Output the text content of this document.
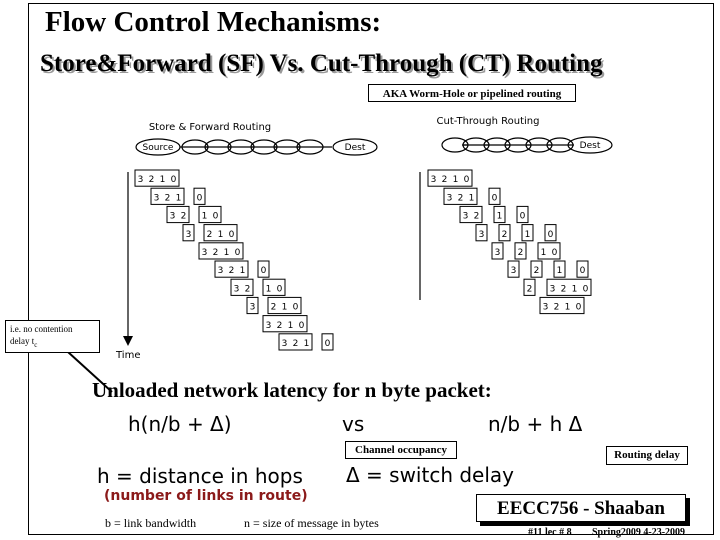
Flow Control Mechanisms:
Store&Forward (SF) Vs. Cut-Through (CT) Routing
AKA Worm-Hole or pipelined routing
Store & Forward Routing
Source	Dest
Time
3 2 1 0
3 2 1 0
3 2 1 0
3 2 1 0
3 2 1 0
3 2 1 0
3 2 1 0
3 2 1 0
3 2 1 0
3 2 1 0
Cut-Through Routing
Dest
3 2 1 0
3 2 1 0
3 2 1 0
3 2 1 0
3 2 1 0
3 2 1 0
2 3 2 1 0
3 2 1 0
i.e. no contention
delay $t_c$
Unloaded network latency for n byte packet:
h(n/b + Δ)	vs	n/b + h Δ
Channel occupancy	Routing delay
h = distance in hops Δ = switch delay
(number of links in route)
b = link bandwidth	n = size of message in bytes
EECC756 - Shaaban
#11 lec # 8 Spring2009 4-23-2009
